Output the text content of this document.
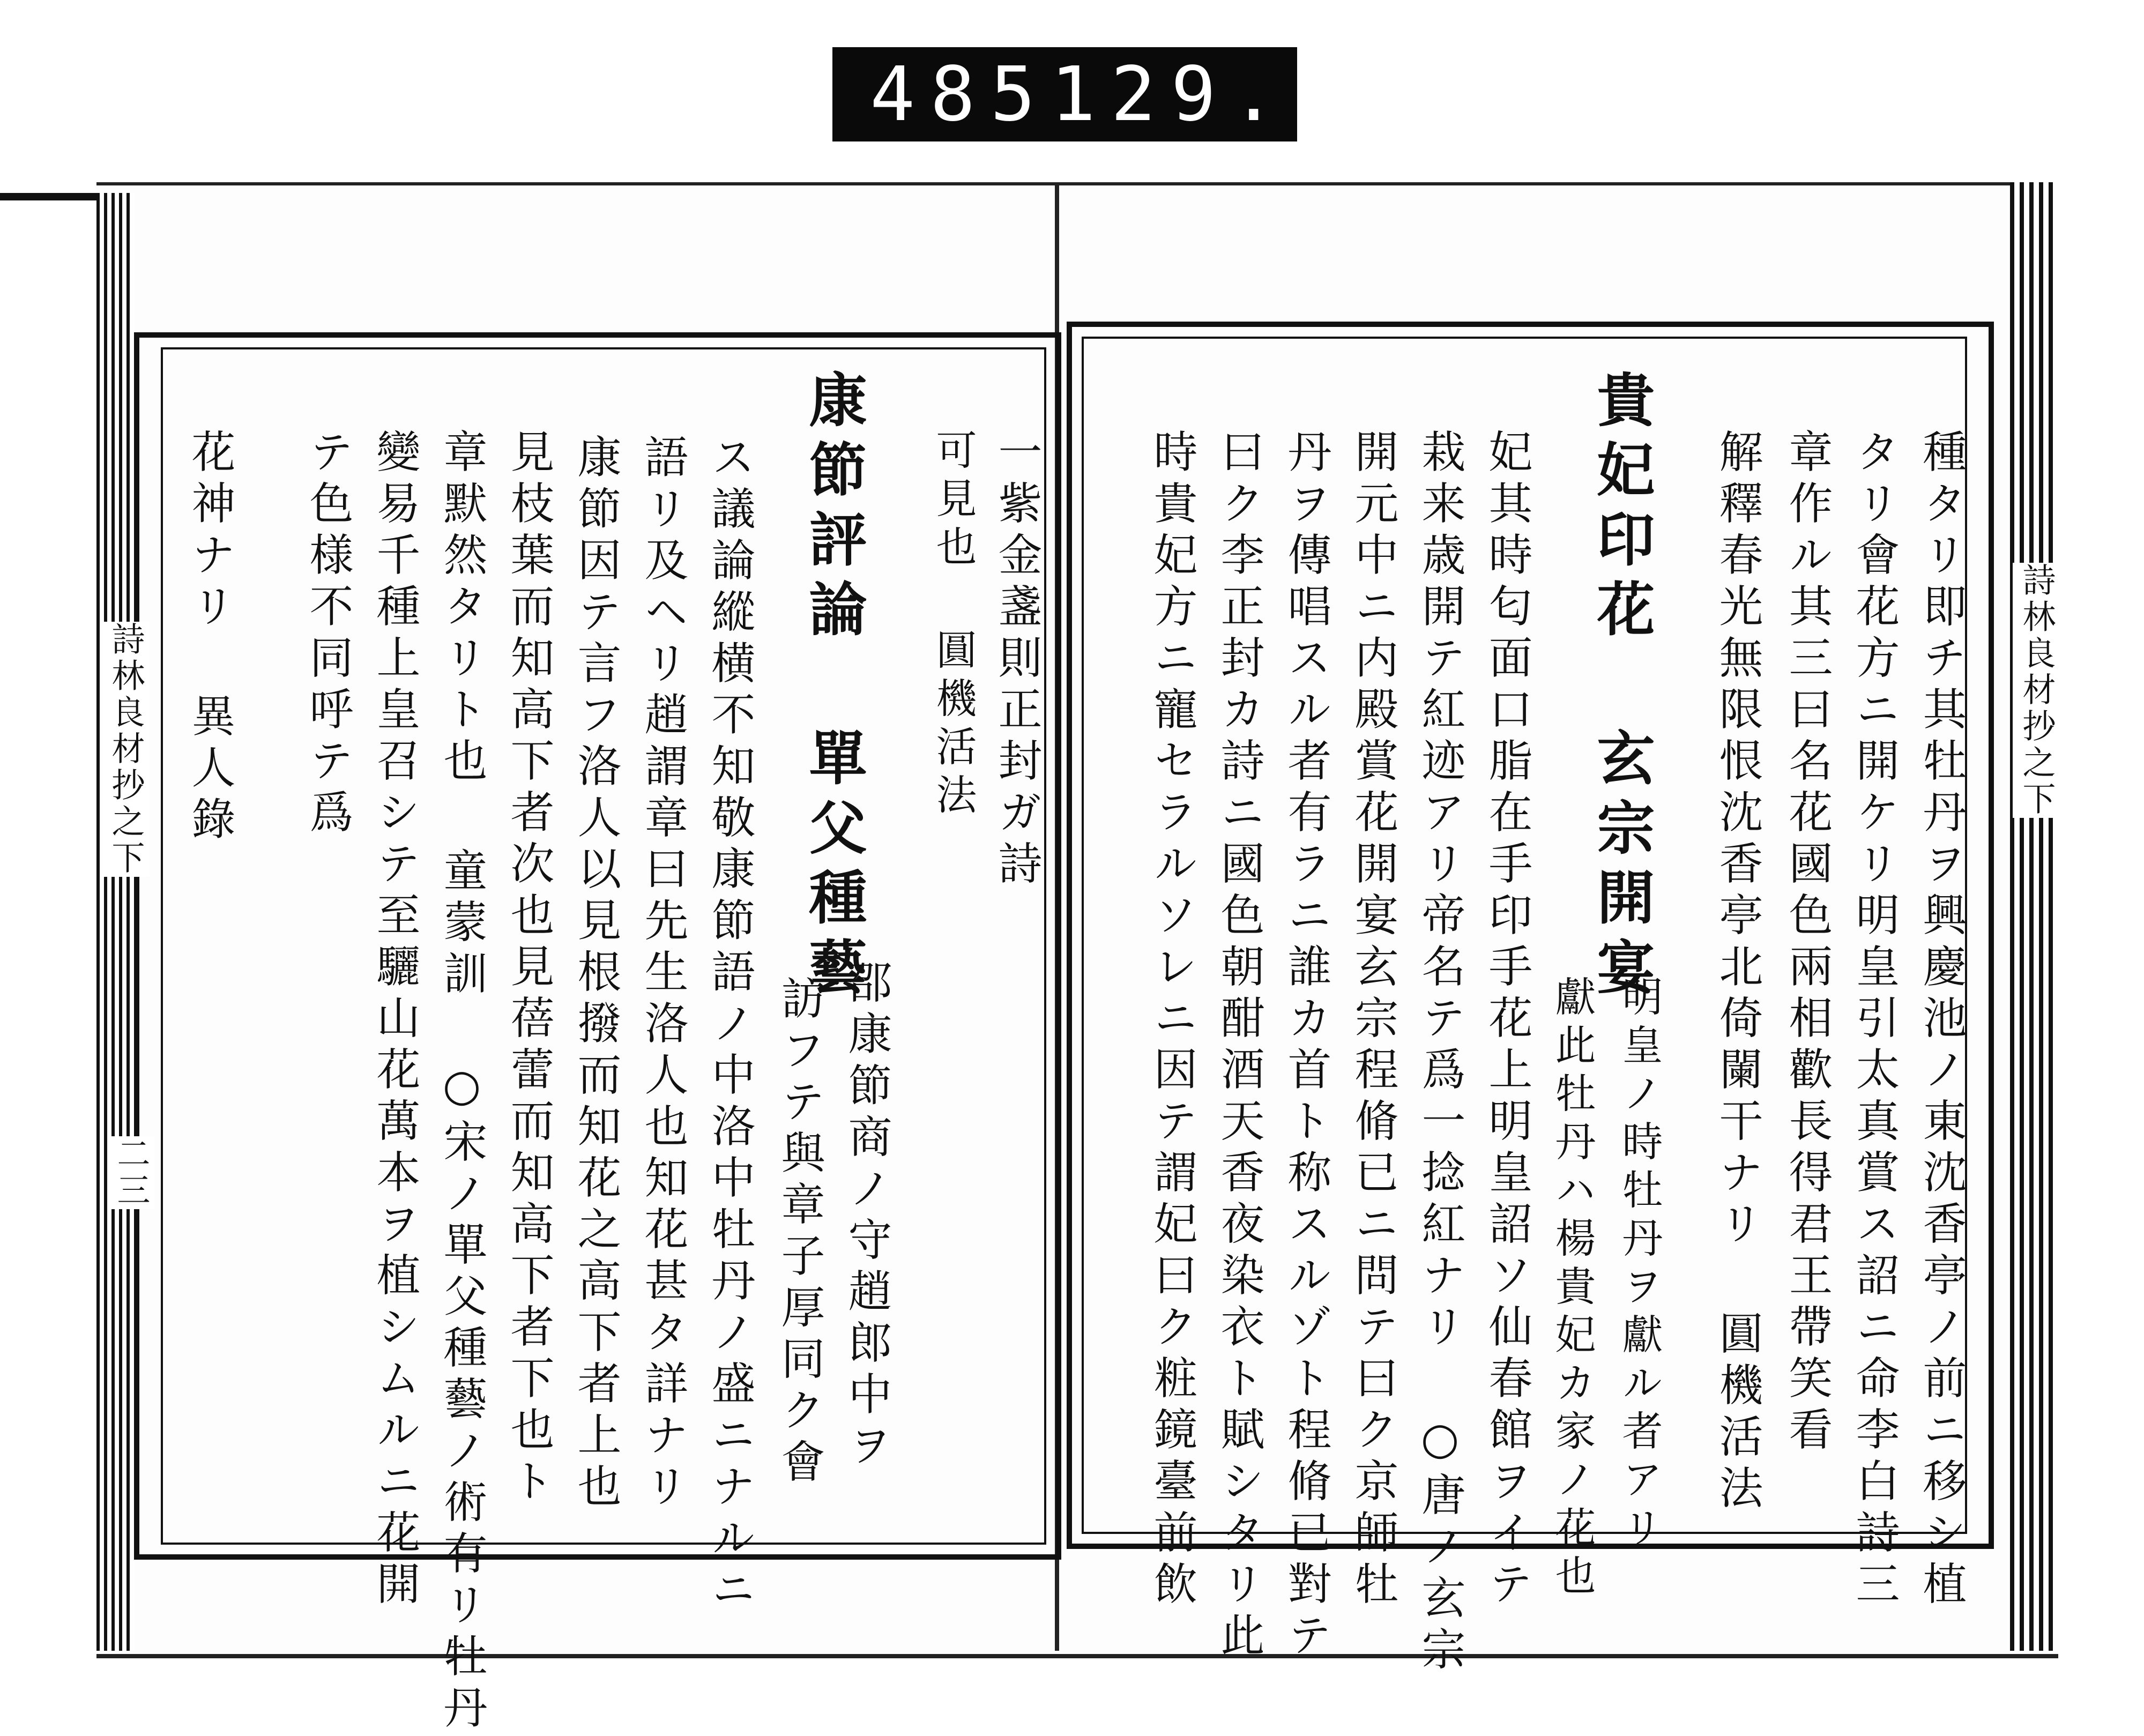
485 129.
詩林良材抄之下
二三
詩林良材抄之下
一紫金盞則正封ガ詩
可見也 圓機活法
康節評論 單父種藝
邵康節商ノ守趙郎中ヲ
訪フテ與章子厚同ク會
ス議論縱横不知敬康節語ノ中洛中牡丹ノ盛ニナルニ
語リ及ヘリ趙謂章曰先生洛人也知花甚タ詳ナリ
康節因テ言フ洛人以見根撥而知花之高下者上也
見枝葉而知高下者次也見蓓蕾而知高下者下也ト
章默然タリト也 童蒙訓 ○宋ノ單父種藝ノ術有リ牡丹
變易千種上皇召シテ至驪山花萬本ヲ植シムルニ花開
テ色様不同呼テ爲
花神ナリ 異人錄	種タリ即チ其牡丹ヲ興慶池ノ東沈香亭ノ前ニ移シ植
タリ會花方ニ開ケリ明皇引太真賞ス詔ニ命李白詩三
章作ル其三曰名花國色兩相歡長得君王帶笑看
解釋春光無限恨沈香亭北倚闌干ナリ 圓機活法
貴妃印花 玄宗開宴
明皇ノ時牡丹ヲ獻ル者アリ
獻此牡丹ハ楊貴妃カ家ノ花也
妃其時匂面口脂在手印手花上明皇詔ソ仙春館ヲイテ
栽来歳開テ紅迹アリ帝名テ爲一捻紅ナリ ○唐ノ玄宗
開元中ニ内殿賞花開宴玄宗程脩已ニ問テ曰ク京師牡
丹ヲ傳唱スル者有ラニ誰カ首ト称スルゾト程脩已對テ
曰ク李正封カ詩ニ國色朝酣酒天香夜染衣ト賦シタリ此
時貴妃方ニ寵セラルソレニ因テ謂妃曰ク粧鏡臺前飲
